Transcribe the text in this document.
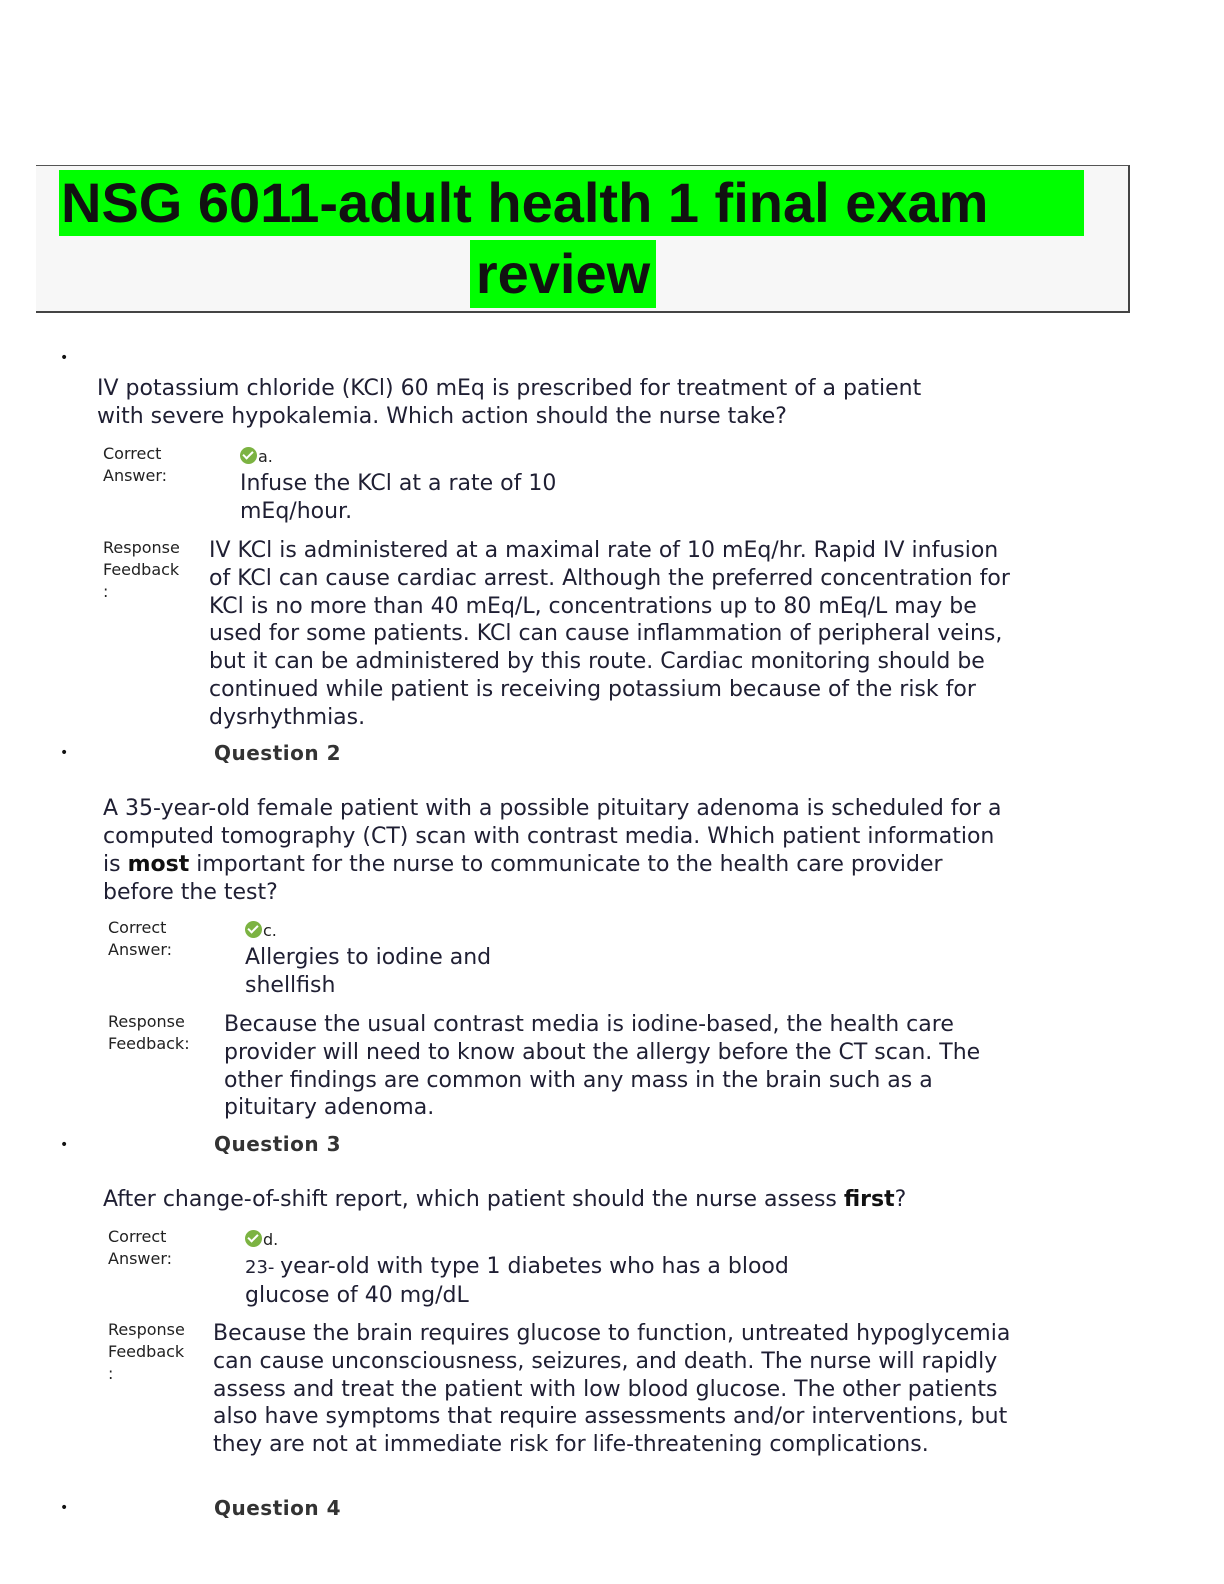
NSG 6011-adult health 1 final exam
review
•
IV potassium chloride (KCl) 60 mEq is prescribed for treatment of a patient
with severe hypokalemia. Which action should the nurse take?
Correct
Answer:
a.
Infuse the KCl at a rate of 10
mEq/hour.
Response
Feedback
:
IV KCl is administered at a maximal rate of 10 mEq/hr. Rapid IV infusion of KCl can cause cardiac arrest. Although the preferred concentration for KCl is no more than 40 mEq/L, concentrations up to 80 mEq/L may be used for some patients. KCl can cause inflammation of peripheral veins, but it can be administered by this route. Cardiac monitoring should be continued while patient is receiving potassium because of the risk for dysrhythmias.
•	Question 2
A 35-year-old female patient with a possible pituitary adenoma is scheduled for a computed tomography (CT) scan with contrast media. Which patient information is most important for the nurse to communicate to the health care provider before the test?
Correct
Answer:
c.
Allergies to iodine and
shellfish
Response
Feedback:
Because the usual contrast media is iodine-based, the health care provider will need to know about the allergy before the CT scan. The other findings are common with any mass in the brain such as a pituitary adenoma.
•	Question 3
After change-of-shift report, which patient should the nurse assess first?
Correct
Answer:
d.
23- year-old with type 1 diabetes who has a blood
glucose of 40 mg/dL
Response
Feedback
:
Because the brain requires glucose to function, untreated hypoglycemia can cause unconsciousness, seizures, and death. The nurse will rapidly assess and treat the patient with low blood glucose. The other patients also have symptoms that require assessments and/or interventions, but they are not at immediate risk for life-threatening complications.
•	Question 4
